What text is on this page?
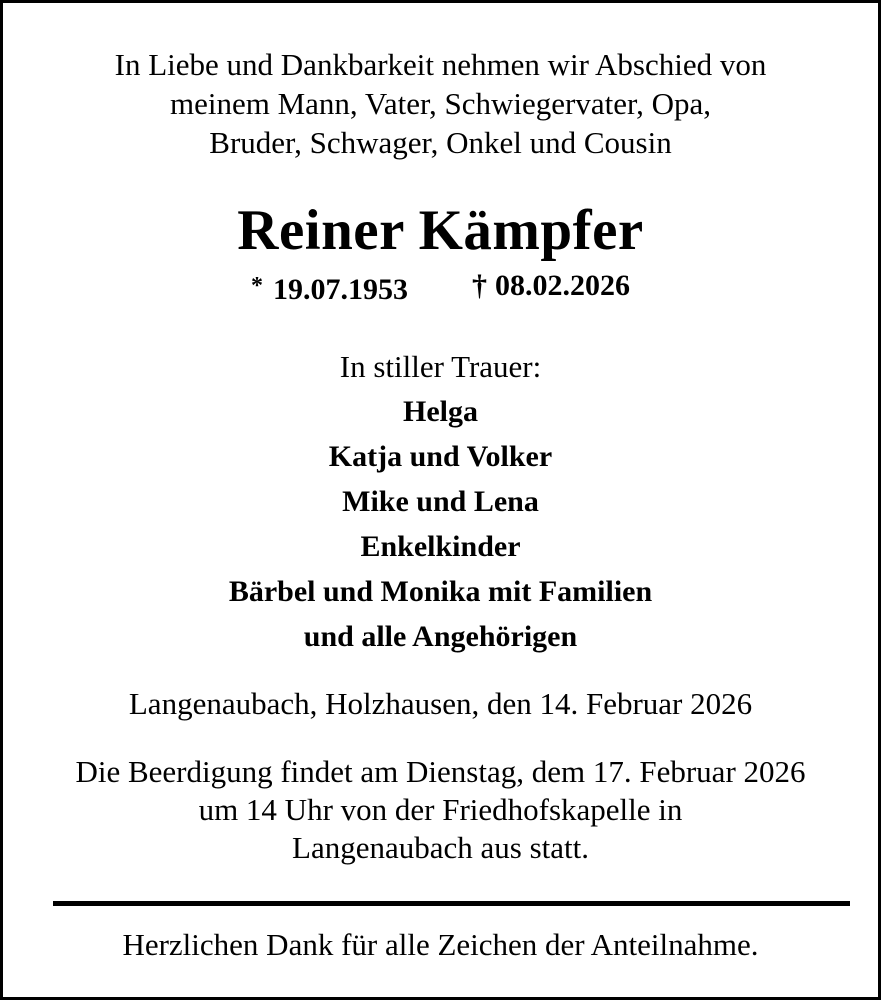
In Liebe und Dankbarkeit nehmen wir Abschied von
meinem Mann, Vater, Schwiegervater, Opa,
Bruder, Schwager, Onkel und Cousin
Reiner Kämpfer
* 19.07.1953 † 08.02.2026
In stiller Trauer:
Helga
Katja und Volker
Mike und Lena
Enkelkinder
Bärbel und Monika mit Familien
und alle Angehörigen
Langenaubach, Holzhausen, den 14. Februar 2026
Die Beerdigung findet am Dienstag, dem 17. Februar 2026
um 14 Uhr von der Friedhofskapelle in
Langenaubach aus statt.
Herzlichen Dank für alle Zeichen der Anteilnahme.
